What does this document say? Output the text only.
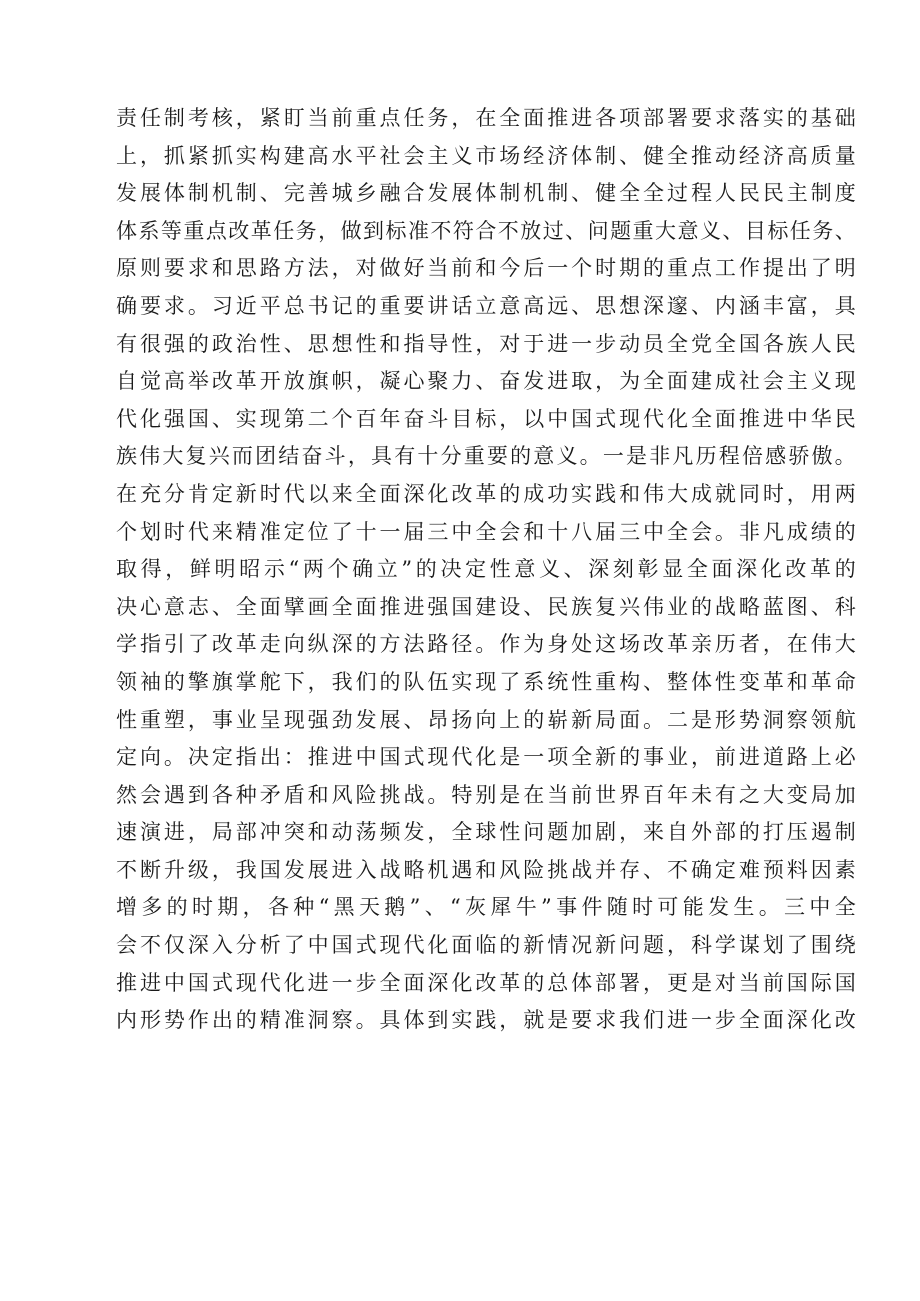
责任制考核，紧盯当前重点任务，在全面推进各项部署要求落实的基础
上，抓紧抓实构建高水平社会主义市场经济体制、健全推动经济高质量
发展体制机制、完善城乡融合发展体制机制、健全全过程人民民主制度
体系等重点改革任务，做到标准不符合不放过、问题重大意义、目标任务、
原则要求和思路方法，对做好当前和今后一个时期的重点工作提出了明
确要求。习近平总书记的重要讲话立意高远、思想深邃、内涵丰富，具
有很强的政治性、思想性和指导性，对于进一步动员全党全国各族人民
自觉高举改革开放旗帜，凝心聚力、奋发进取，为全面建成社会主义现
代化强国、实现第二个百年奋斗目标，以中国式现代化全面推进中华民
族伟大复兴而团结奋斗，具有十分重要的意义。一是非凡历程倍感骄傲。
在充分肯定新时代以来全面深化改革的成功实践和伟大成就同时，用两
个划时代来精准定位了十一届三中全会和十八届三中全会。非凡成绩的
取得，鲜明昭示“两个确立”的决定性意义、深刻彰显全面深化改革的
决心意志、全面擘画全面推进强国建设、民族复兴伟业的战略蓝图、科
学指引了改革走向纵深的方法路径。作为身处这场改革亲历者，在伟大
领袖的擎旗掌舵下，我们的队伍实现了系统性重构、整体性变革和革命
性重塑，事业呈现强劲发展、昂扬向上的崭新局面。二是形势洞察领航
定向。决定指出：推进中国式现代化是一项全新的事业，前进道路上必
然会遇到各种矛盾和风险挑战。特别是在当前世界百年未有之大变局加
速演进，局部冲突和动荡频发，全球性问题加剧，来自外部的打压遏制
不断升级，我国发展进入战略机遇和风险挑战并存、不确定难预料因素
增多的时期，各种“黑天鹅”、“灰犀牛”事件随时可能发生。三中全
会不仅深入分析了中国式现代化面临的新情况新问题，科学谋划了围绕
推进中国式现代化进一步全面深化改革的总体部署，更是对当前国际国
内形势作出的精准洞察。具体到实践，就是要求我们进一步全面深化改
